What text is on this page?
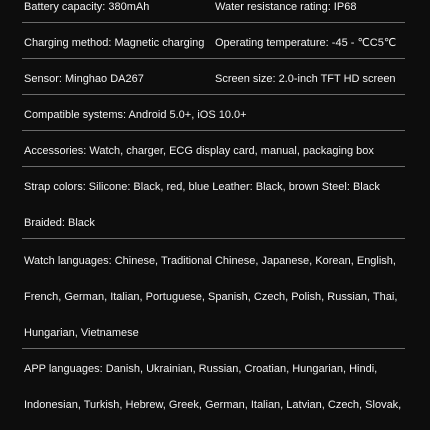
Battery capacity: 380mAh	Water resistance rating: IP68
Charging method: Magnetic charging Operating temperature: -45 - ℃C5℃
Sensor: Minghao DA267	Screen size: 2.0-inch TFT HD screen
Compatible systems: Android 5.0+, iOS 10.0+
Accessories: Watch, charger, ECG display card, manual, packaging box
Strap colors: Silicone: Black, red, blue Leather: Black, brown Steel: Black
Braided: Black
Watch languages: Chinese, Traditional Chinese, Japanese, Korean, English,
French, German, Italian, Portuguese, Spanish, Czech, Polish, Russian, Thai,
Hungarian, Vietnamese
APP languages: Danish, Ukrainian, Russian, Croatian, Hungarian, Hindi,
Indonesian, Turkish, Hebrew, Greek, German, Italian, Latvian, Czech, Slovak,
